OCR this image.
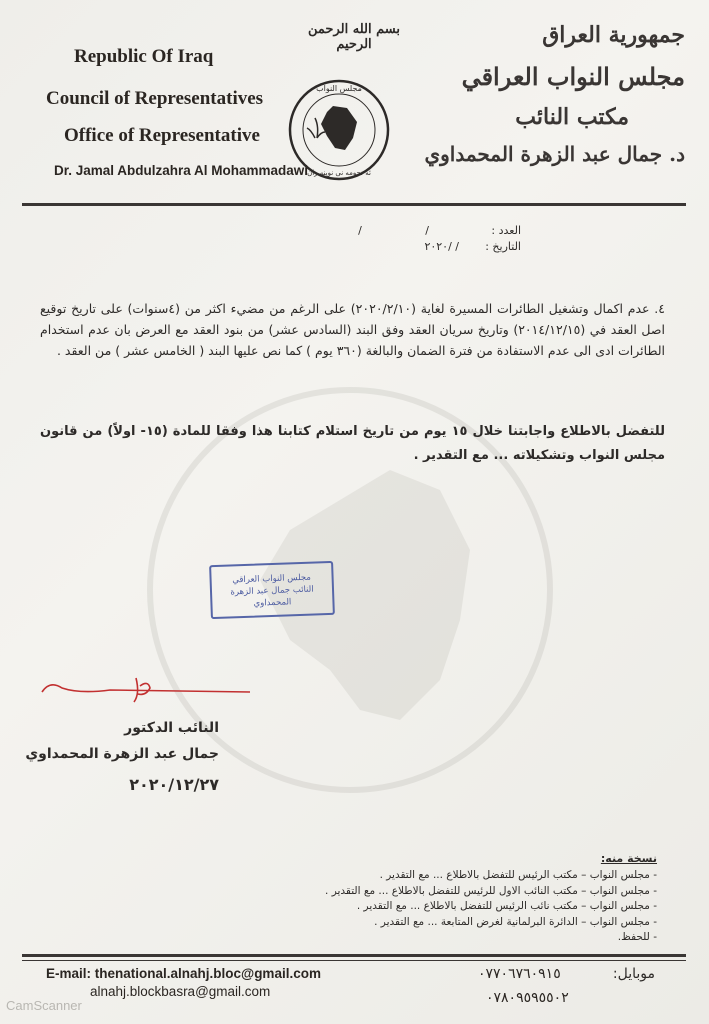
Republic Of Iraq
Council of Representatives
Office of Representative
Dr. Jamal Abdulzahra Al Mohammadawi
بسم الله الرحمن الرحيم
مجلس النواب
ئه نجومه نی نوينه ران
جمهورية العراق
مجلس النواب العراقي
مكتب النائب
د. جمال عبد الزهرة المحمداوي
العدد :
التاريخ :
/ /
/ /٢٠٢٠
٤. عدم اكمال وتشغيل الطائرات المسيرة لغاية (٢٠٢٠/٢/١٠) على الرغم من مضيء اكثر من (٤سنوات) على تاريخ توقيع اصل العقد في (٢٠١٤/١٢/١٥) وتاريخ سريان العقد وفق البند (السادس عشر) من بنود العقد مع العرض بان عدم استخدام الطائرات ادى الى عدم الاستفادة من فترة الضمان والبالغة (٣٦٠ يوم ) كما نص عليها البند ( الخامس عشر ) من العقد .
للتفضل بالاطلاع واجابتنا خلال ١٥ يوم من تاريخ استلام كتابنا هذا وفقا للمادة (١٥- اولاً) من قانون مجلس النواب وتشكيلاته ... مع التقدير .
مجلس النواب العراقي
النائب جمال عبد الزهرة المحمداوي
النائب الدكتور
جمال عبد الزهرة المحمداوي
٢٠٢٠/١٢/٢٧
نسخة منه:
- مجلس النواب – مكتب الرئيس للتفضل بالاطلاع ... مع التقدير .
- مجلس النواب – مكتب النائب الاول للرئيس للتفضل بالاطلاع ... مع التقدير .
- مجلس النواب – مكتب نائب الرئيس للتفضل بالاطلاع ... مع التقدير .
- مجلس النواب – الدائرة البرلمانية لغرض المتابعة ... مع التقدير .
- للحفظ.
E-mail: thenational.alnahj.bloc@gmail.com
alnahj.blockbasra@gmail.com
موبايل:
٠٧٧٠٦٧٦٠٩١٥
٠٧٨٠٩٥٩٥٥٠٢
CamScanner
